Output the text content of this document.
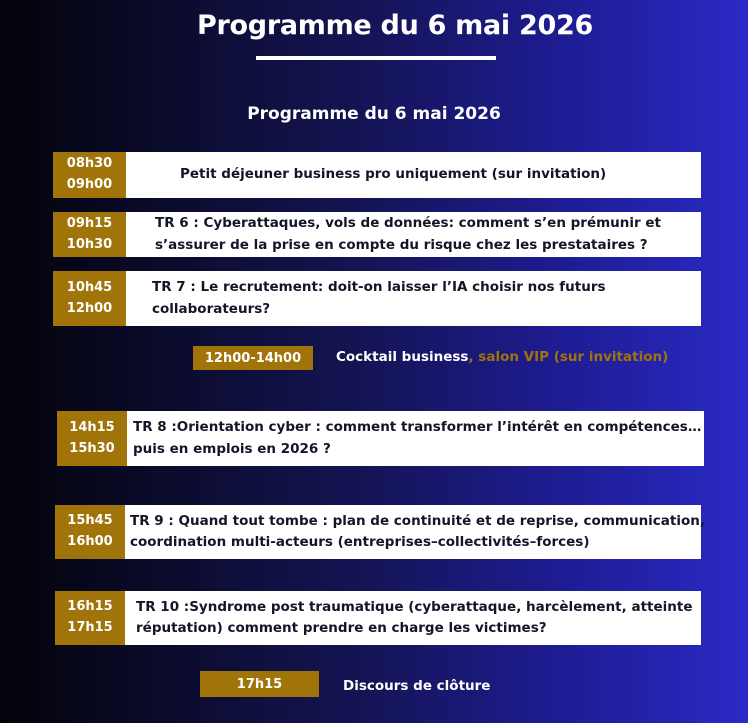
Programme du 6 mai 2026
Programme du 6 mai 2026
08h30
09h00
Petit déjeuner business pro uniquement (sur invitation)
09h15
10h30
TR 6 : Cyberattaques, vols de données: comment s’en prémunir et
s’assurer de la prise en compte du risque chez les prestataires ?
10h45
12h00
TR 7 : Le recrutement: doit-on laisser l’IA choisir nos futurs
collaborateurs?
12h00-14h00	Cocktail business, salon VIP (sur invitation)
14h15
15h30
TR 8 :Orientation cyber : comment transformer l’intérêt en compétences…
puis en emplois en 2026 ?
15h45
16h00
TR 9 : Quand tout tombe : plan de continuité et de reprise, communication,
coordination multi-acteurs (entreprises–collectivités–forces)
16h15
17h15
TR 10 :Syndrome post traumatique (cyberattaque, harcèlement, atteinte
réputation) comment prendre en charge les victimes?
17h15	Discours de clôture
